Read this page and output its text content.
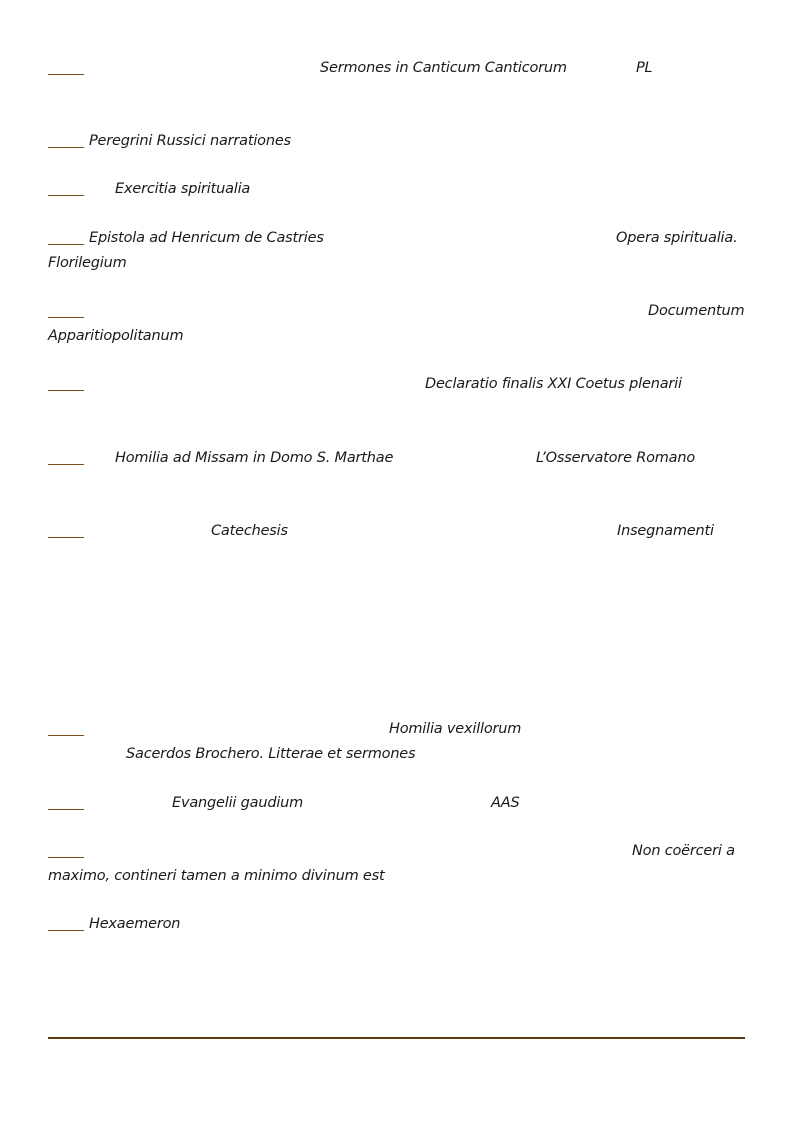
Sermones in Canticum Canticorum	PL
Peregrini Russici narrationes
Exercitia spiritualia
Epistola ad Henricum de Castries	Opera spiritualia.
Florilegium
Documentum
Apparitiopolitanum
Declaratio finalis XXI Coetus plenarii
Homilia ad Missam in Domo S. Marthae	L’Osservatore Romano
Catechesis	Insegnamenti
Homilia vexillorum
Sacerdos Brochero. Litterae et sermones
Evangelii gaudium	AAS
Non coërceri a
maximo, contineri tamen a minimo divinum est
Hexaemeron
